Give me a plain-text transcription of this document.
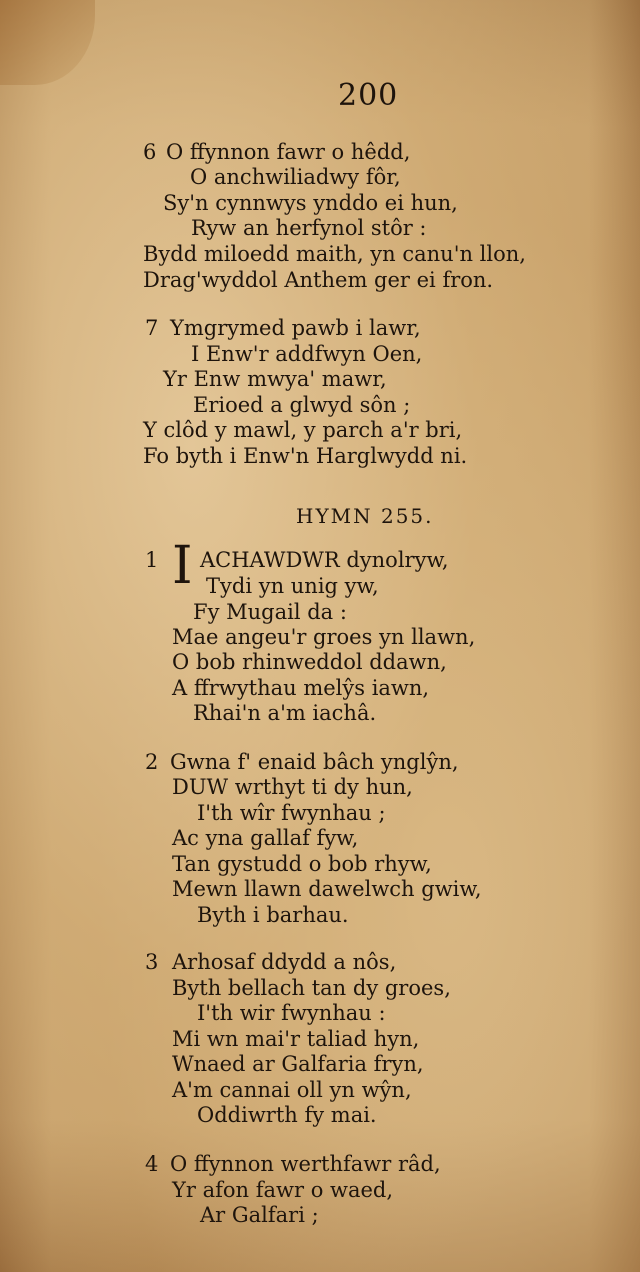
200
6 O ffynnon fawr o hêdd,
O anchwiliadwy fôr,
Sy'n cynnwys ynddo ei hun,
Ryw an herfynol stôr :
Bydd miloedd maith, yn canu'n llon,
Drag'wyddol Anthem ger ei fron.
7 Ymgrymed pawb i lawr,
I Enw'r addfwyn Oen,
Yr Enw mwya' mawr,
Erioed a glwyd sôn ;
Y clôd y mawl, y parch a'r bri,
Fo byth i Enw'n Harglwydd ni.
HYMN 255.
1 I ACHAWDWR dynolryw,
Tydi yn unig yw,
Fy Mugail da :
Mae angeu'r groes yn llawn,
O bob rhinweddol ddawn,
A ffrwythau melŷs iawn,
Rhai'n a'm iachâ.
2 Gwna f' enaid bâch ynglŷn,
DUW wrthyt ti dy hun,
I'th wîr fwynhau ;
Ac yna gallaf fyw,
Tan gystudd o bob rhyw,
Mewn llawn dawelwch gwiw,
Byth i barhau.
3 Arhosaf ddydd a nôs,
Byth bellach tan dy groes,
I'th wir fwynhau :
Mi wn mai'r taliad hyn,
Wnaed ar Galfaria fryn,
A'm cannai oll yn wŷn,
Oddiwrth fy mai.
4 O ffynnon werthfawr râd,
Yr afon fawr o waed,
Ar Galfari ;
